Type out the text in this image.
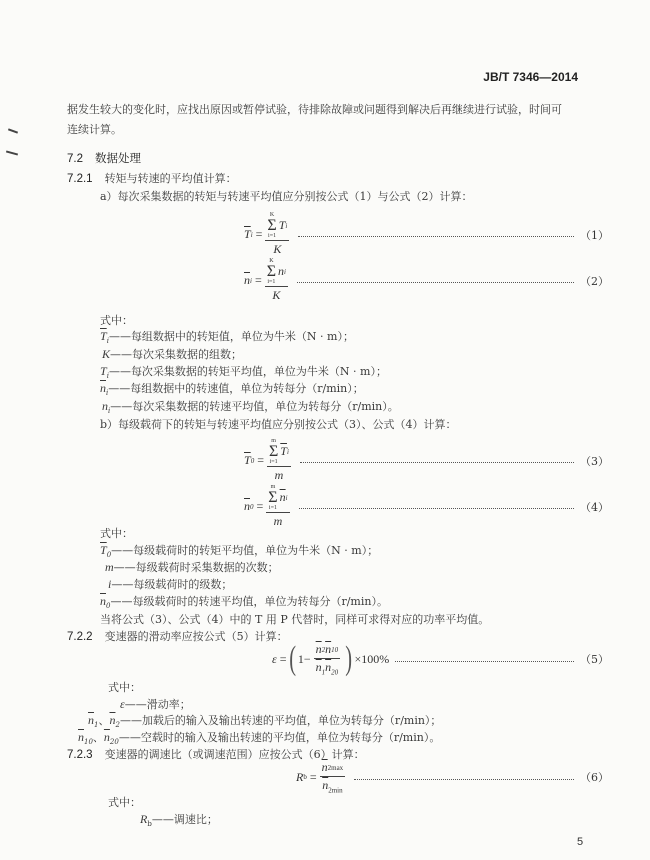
JB/T 7346—2014
据发生较大的变化时，应找出原因或暂停试验，待排除故障或问题得到解决后再继续进行试验，时间可
连续计算。
7.2 数据处理
7.2.1 转矩与转速的平均值计算：
a）每次采集数据的转矩与转速平均值应分别按公式（1）与公式（2）计算：
$\overline{T}$ i
= K
Σ
i=1
T i
K	（1）
$\overline{n}$ i
= K
Σ
i=1
n i
K	（2）
式中：
$\overline{T}_i——$每组数据中的转矩值，单位为牛米（N · m）；
K——每次采集数据的组数；
$T_i——$每次采集数据的转矩平均值，单位为牛米（N · m）；
$\overline{n}_i——$每组数据中的转速值，单位为转每分（r/min）；
$n_i——$每次采集数据的转速平均值，单位为转每分（r/min）。
b）每级载荷下的转矩与转速平均值应分别按公式（3）、公式（4）计算：
$\overline{T}$ 0
= m
Σ
i=1
$\overline{T}$ i
m	（3）
$\overline{n}$ 0
= m
Σ
i=1
$\overline{n}$ i
m	（4）
式中：
$\overline{T}_0——$每级载荷时的转矩平均值，单位为牛米（N · m）；
m——每级载荷时采集数据的次数；
i——每级载荷时的级数；
$\overline{n}_0——$每级载荷时的转速平均值，单位为转每分（r/min）。
当将公式（3）、公式（4）中的 T 用 P 代替时，同样可求得对应的功率平均值。
7.2.2 变速器的滑动率应按公式（5）计算：
ε
= ( $1- \frac{\overline{n} 2 \overline{n} 10}{\overline{n}_1\overline{n}_{20}}$ ) ×100%	（5）
式中：
ε——滑动率；
$\overline{n}_1$、$\overline{n}_2——$加载后的输入及输出转速的平均值，单位为转每分（r/min）；
$\overline{n}_{10}$、$\overline{n}_{20}——$空载时的输入及输出转速的平均值，单位为转每分（r/min）。
7.2.3 变速器的调速比（或调速范围）应按公式（6）计算：
R b
= $\frac{\overline{n} 2\max}{\overline{n}_{2min}}$	（6）
式中：
$R_b——$调速比；
5
